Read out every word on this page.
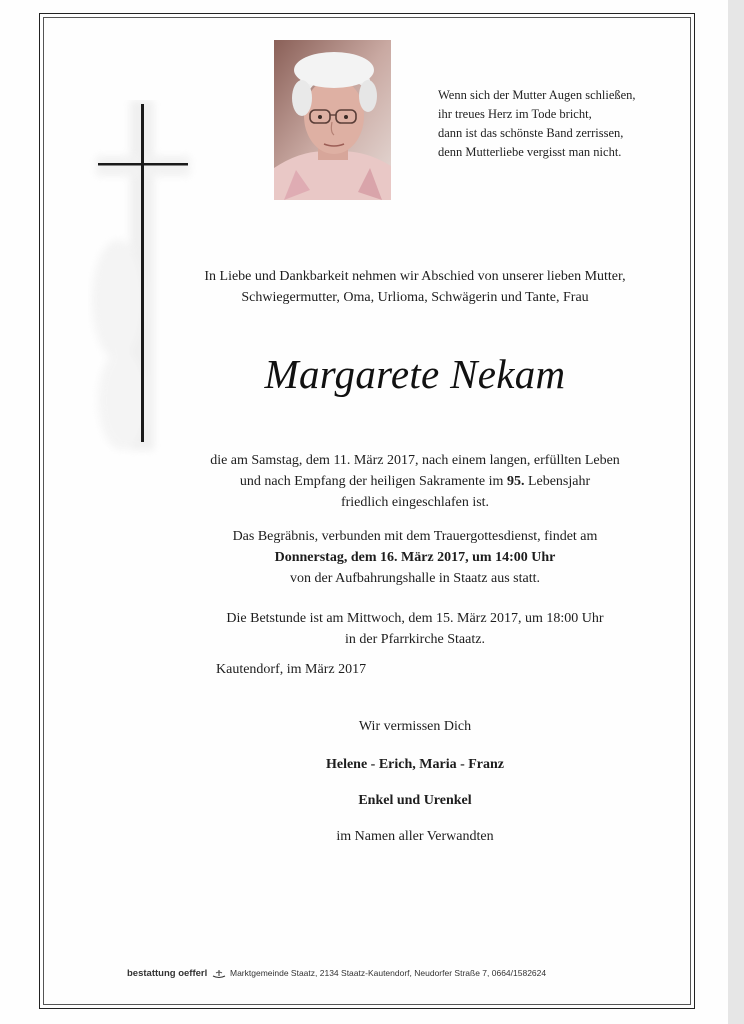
Wenn sich der Mutter Augen schließen,
ihr treues Herz im Tode bricht,
dann ist das schönste Band zerrissen,
denn Mutterliebe vergisst man nicht.
In Liebe und Dankbarkeit nehmen wir Abschied von unserer lieben Mutter,
Schwiegermutter, Oma, Urlioma, Schwägerin und Tante, Frau
Margarete Nekam
die am Samstag, dem 11. März 2017, nach einem langen, erfüllten Leben
und nach Empfang der heiligen Sakramente im 95. Lebensjahr
friedlich eingeschlafen ist.
Das Begräbnis, verbunden mit dem Trauergottesdienst, findet am
Donnerstag, dem 16. März 2017, um 14:00 Uhr
von der Aufbahrungshalle in Staatz aus statt.
Die Betstunde ist am Mittwoch, dem 15. März 2017, um 18:00 Uhr
in der Pfarrkirche Staatz.
Kautendorf, im März 2017
Wir vermissen Dich
Helene - Erich, Maria - Franz
Enkel und Urenkel
im Namen aller Verwandten
bestattung oefferl	Marktgemeinde Staatz, 2134 Staatz-Kautendorf, Neudorfer Straße 7, 0664/1582624
